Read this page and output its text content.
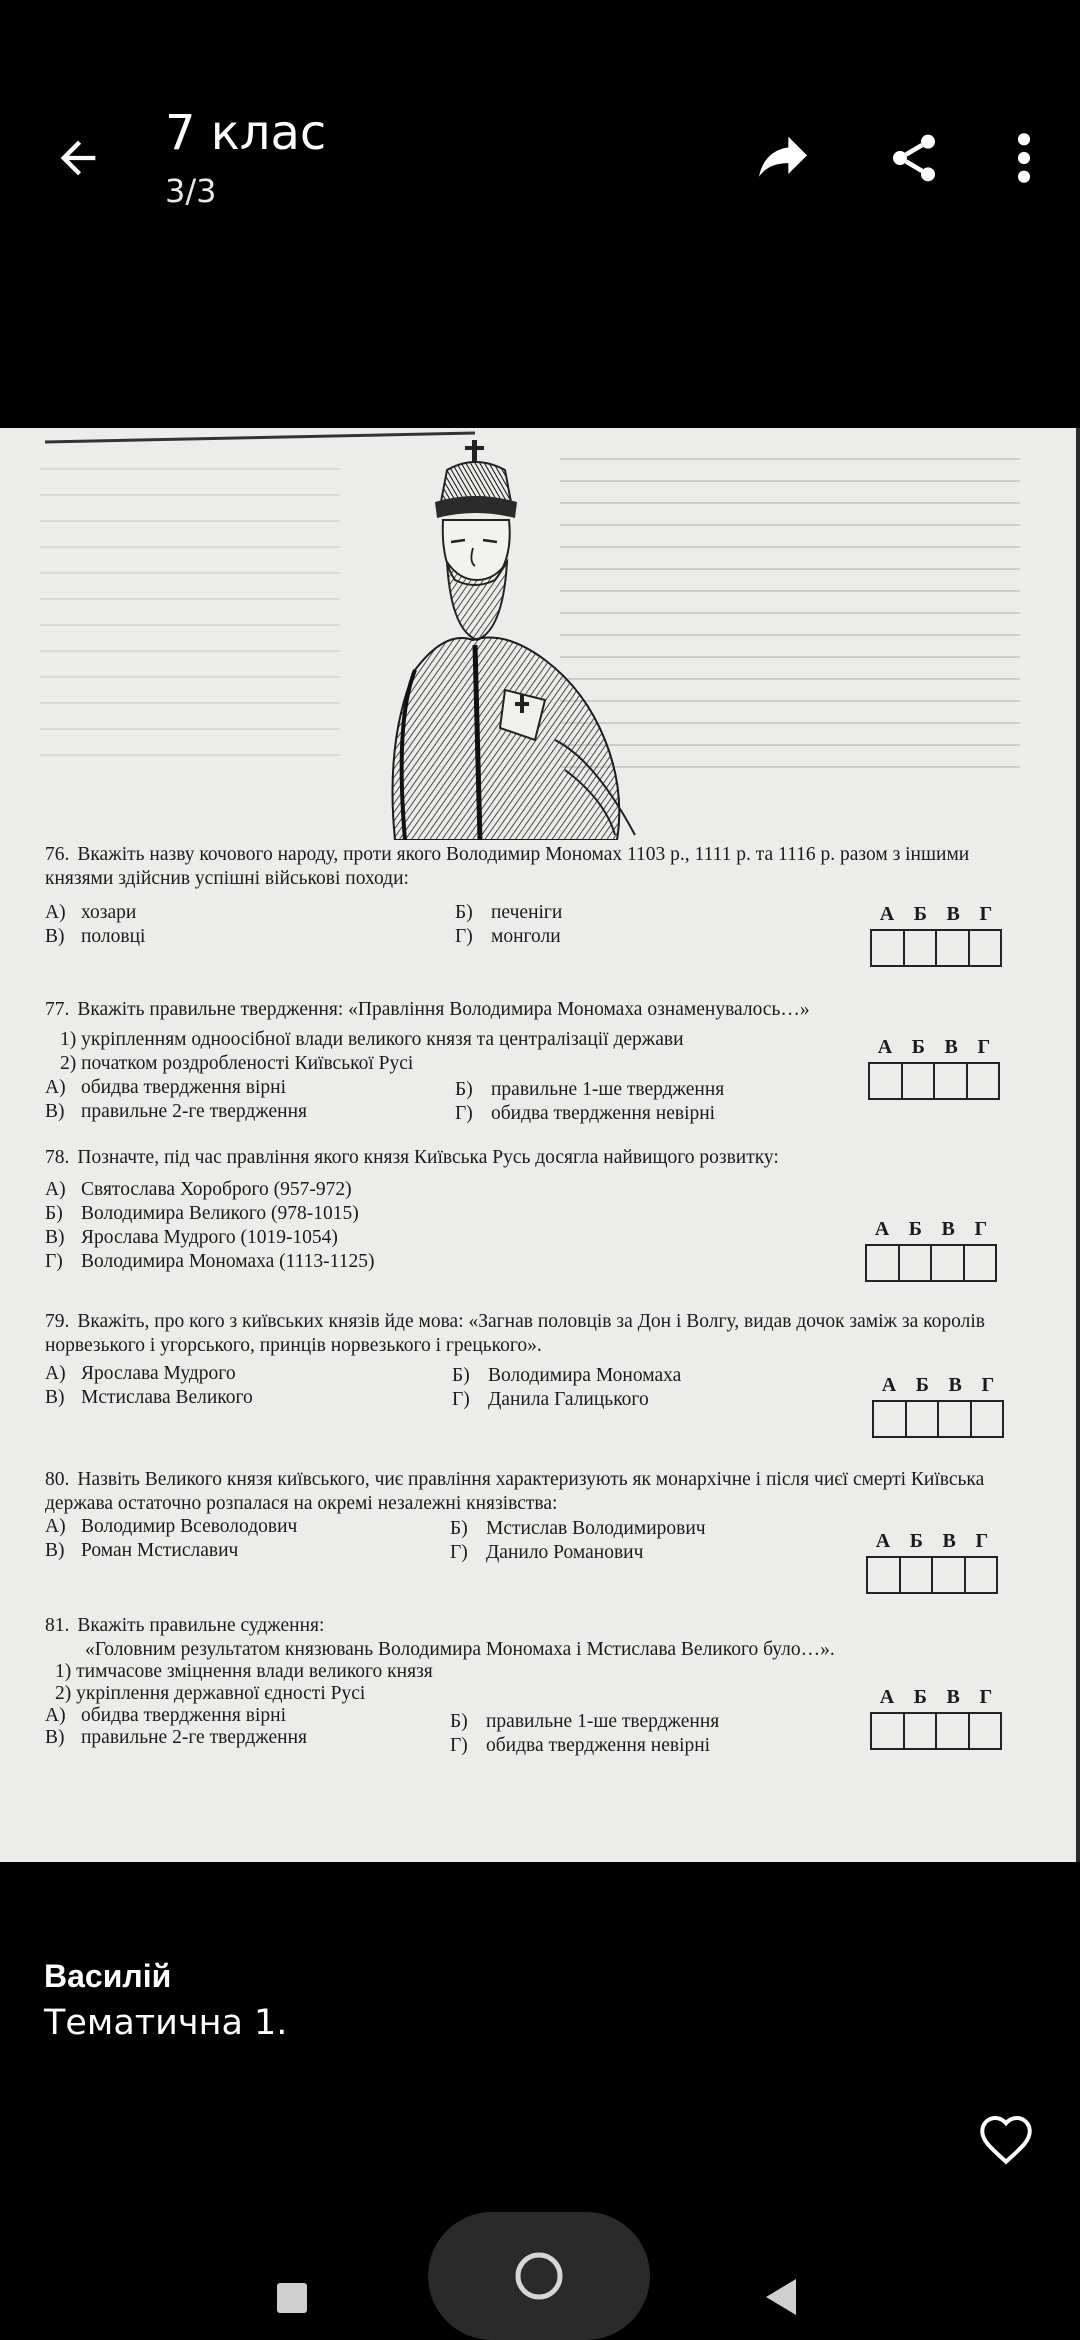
7 клас
3/3
76. Вкажіть назву кочового народу, проти якого Володимир Мономах 1103 р., 1111 р. та 1116 р. разом з іншими князями здійснив успішні військові походи:
А) хозари	Б) печеніги
В) половці	Г) монголи
А Б В Г
77. Вкажіть правильне твердження: «Правління Володимира Мономаха ознаменувалось…»
1) укріпленням одноосібної влади великого князя та централізації держави
2) початком роздробленості Київської Русі
А) обидва твердження вірні	Б) правильне 1-ше твердження
В) правильне 2-ге твердження	Г) обидва твердження невірні
А Б В Г
78. Позначте, під час правління якого князя Київська Русь досягла найвищого розвитку:
А) Святослава Хороброго (957-972)
Б) Володимира Великого (978-1015)
В) Ярослава Мудрого (1019-1054)
Г) Володимира Мономаха (1113-1125)
А Б В Г
79. Вкажіть, про кого з київських князів йде мова: «Загнав половців за Дон і Волгу, видав дочок заміж за королів норвезького і угорського, принців норвезького і грецького».
А) Ярослава Мудрого	Б) Володимира Мономаха
В) Мстислава Великого	Г) Данила Галицького
А Б В Г
80. Назвіть Великого князя київського, чиє правління характеризують як монархічне і після чиєї смерті Київська держава остаточно розпалася на окремі незалежні князівства:
А) Володимир Всеволодович	Б) Мстислав Володимирович
В) Роман Мстиславич	Г) Данило Романович
А Б В Г
81. Вкажіть правильне судження:
«Головним результатом князювань Володимира Мономаха і Мстислава Великого було…».
1) тимчасове зміцнення влади великого князя
2) укріплення державної єдності Русі
А) обидва твердження вірні	Б) правильне 1-ше твердження
В) правильне 2-ге твердження	Г) обидва твердження невірні
А Б В Г
Василій
Тематична 1.
